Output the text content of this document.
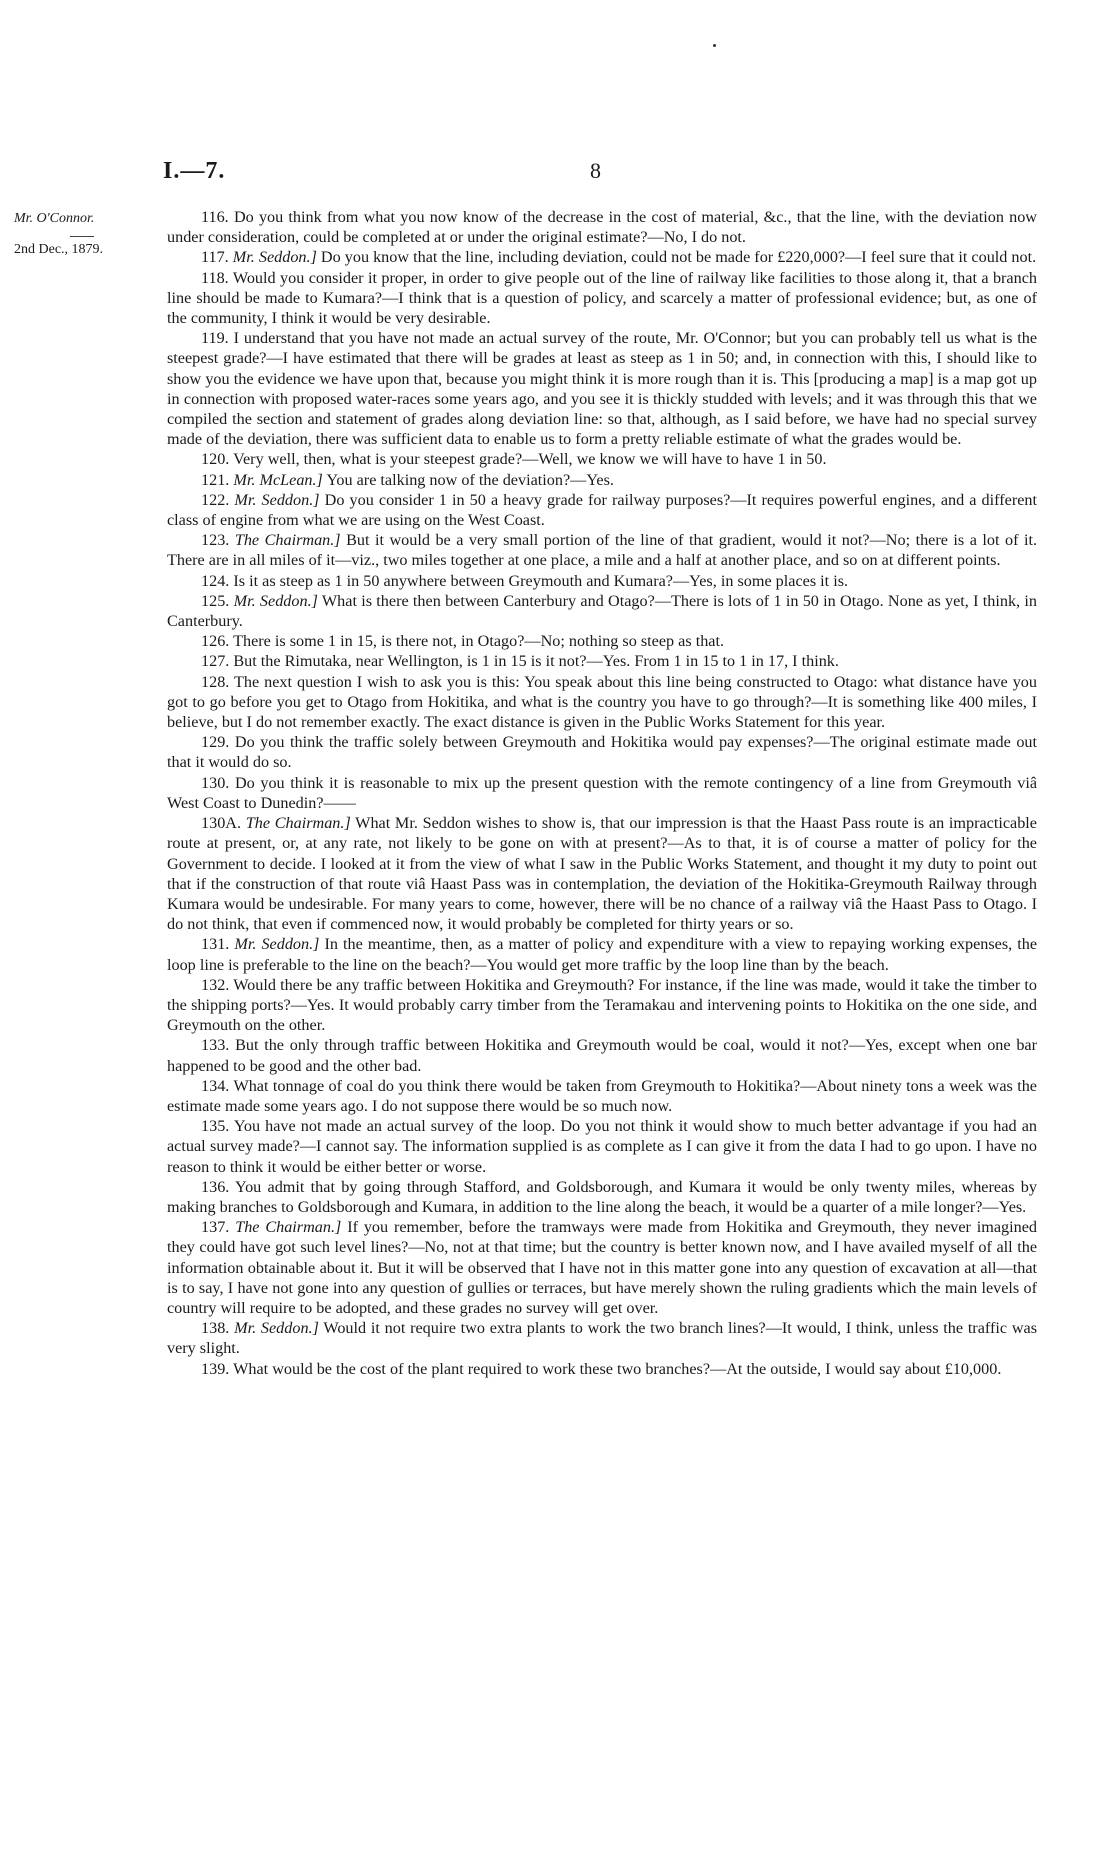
I.—7.	8
Mr. O'Connor.
2nd Dec., 1879.

116. Do you think from what you now know of the decrease in the cost of material, &c., that the line, with the deviation now under consideration, could be completed at or under the original estimate?—No, I do not.

117. Mr. Seddon.] Do you know that the line, including deviation, could not be made for £220,000?—I feel sure that it could not.

118. Would you consider it proper, in order to give people out of the line of railway like facilities to those along it, that a branch line should be made to Kumara?—I think that is a question of policy, and scarcely a matter of professional evidence; but, as one of the community, I think it would be very desirable.

119. I understand that you have not made an actual survey of the route, Mr. O'Connor; but you can probably tell us what is the steepest grade?—I have estimated that there will be grades at least as steep as 1 in 50; and, in connection with this, I should like to show you the evidence we have upon that, because you might think it is more rough than it is. This [producing a map] is a map got up in connection with proposed water-races some years ago, and you see it is thickly studded with levels; and it was through this that we compiled the section and statement of grades along deviation line: so that, although, as I said before, we have had no special survey made of the deviation, there was sufficient data to enable us to form a pretty reliable estimate of what the grades would be.

120. Very well, then, what is your steepest grade?—Well, we know we will have to have 1 in 50.

121. Mr. McLean.] You are talking now of the deviation?—Yes.

122. Mr. Seddon.] Do you consider 1 in 50 a heavy grade for railway purposes?—It requires powerful engines, and a different class of engine from what we are using on the West Coast.

123. The Chairman.] But it would be a very small portion of the line of that gradient, would it not?—No; there is a lot of it. There are in all miles of it—viz., two miles together at one place, a mile and a half at another place, and so on at different points.

124. Is it as steep as 1 in 50 anywhere between Greymouth and Kumara?—Yes, in some places it is.

125. Mr. Seddon.] What is there then between Canterbury and Otago?—There is lots of 1 in 50 in Otago. None as yet, I think, in Canterbury.

126. There is some 1 in 15, is there not, in Otago?—No; nothing so steep as that.

127. But the Rimutaka, near Wellington, is 1 in 15 is it not?—Yes. From 1 in 15 to 1 in 17, I think.

128. The next question I wish to ask you is this: You speak about this line being constructed to Otago: what distance have you got to go before you get to Otago from Hokitika, and what is the country you have to go through?—It is something like 400 miles, I believe, but I do not remember exactly. The exact distance is given in the Public Works Statement for this year.

129. Do you think the traffic solely between Greymouth and Hokitika would pay expenses?—The original estimate made out that it would do so.

130. Do you think it is reasonable to mix up the present question with the remote contingency of a line from Greymouth viâ West Coast to Dunedin?——

130A. The Chairman.] What Mr. Seddon wishes to show is, that our impression is that the Haast Pass route is an impracticable route at present, or, at any rate, not likely to be gone on with at present?—As to that, it is of course a matter of policy for the Government to decide. I looked at it from the view of what I saw in the Public Works Statement, and thought it my duty to point out that if the construction of that route viâ Haast Pass was in contemplation, the deviation of the Hokitika-Greymouth Railway through Kumara would be undesirable. For many years to come, however, there will be no chance of a railway viâ the Haast Pass to Otago. I do not think, that even if commenced now, it would probably be completed for thirty years or so.

131. Mr. Seddon.] In the meantime, then, as a matter of policy and expenditure with a view to repaying working expenses, the loop line is preferable to the line on the beach?—You would get more traffic by the loop line than by the beach.

132. Would there be any traffic between Hokitika and Greymouth? For instance, if the line was made, would it take the timber to the shipping ports?—Yes. It would probably carry timber from the Teramakau and intervening points to Hokitika on the one side, and Greymouth on the other.

133. But the only through traffic between Hokitika and Greymouth would be coal, would it not?—Yes, except when one bar happened to be good and the other bad.

134. What tonnage of coal do you think there would be taken from Greymouth to Hokitika?—About ninety tons a week was the estimate made some years ago. I do not suppose there would be so much now.

135. You have not made an actual survey of the loop. Do you not think it would show to much better advantage if you had an actual survey made?—I cannot say. The information supplied is as complete as I can give it from the data I had to go upon. I have no reason to think it would be either better or worse.

136. You admit that by going through Stafford, and Goldsborough, and Kumara it would be only twenty miles, whereas by making branches to Goldsborough and Kumara, in addition to the line along the beach, it would be a quarter of a mile longer?—Yes.

137. The Chairman.] If you remember, before the tramways were made from Hokitika and Greymouth, they never imagined they could have got such level lines?—No, not at that time; but the country is better known now, and I have availed myself of all the information obtainable about it. But it will be observed that I have not in this matter gone into any question of excavation at all—that is to say, I have not gone into any question of gullies or terraces, but have merely shown the ruling gradients which the main levels of country will require to be adopted, and these grades no survey will get over.

138. Mr. Seddon.] Would it not require two extra plants to work the two branch lines?—It would, I think, unless the traffic was very slight.

139. What would be the cost of the plant required to work these two branches?—At the outside, I would say about £10,000.
